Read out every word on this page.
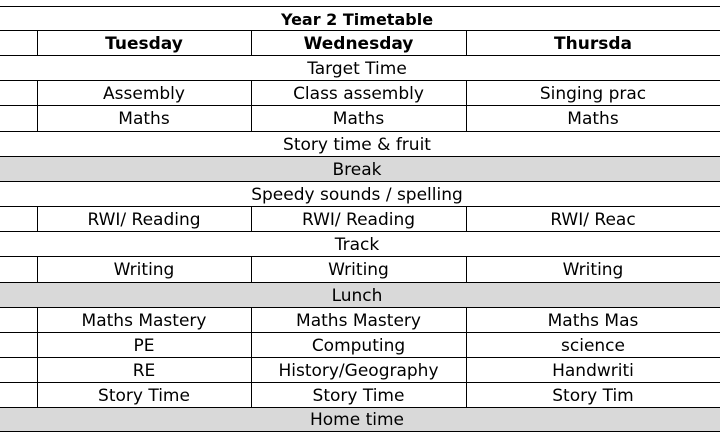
Year 2 Timetable
Tuesday	Wednesday	Thursda
Target Time
Assembly	Class assembly	Singing prac
Maths	Maths	Maths
Story time & fruit
Break
Speedy sounds / spelling
RWI/ Reading	RWI/ Reading	RWI/ Reac
Track
Writing	Writing	Writing
Lunch
Maths Mastery	Maths Mastery	Maths Mas
PE	Computing	science
RE	History/Geography	Handwriti
Story Time	Story Time	Story Tim
Home time
